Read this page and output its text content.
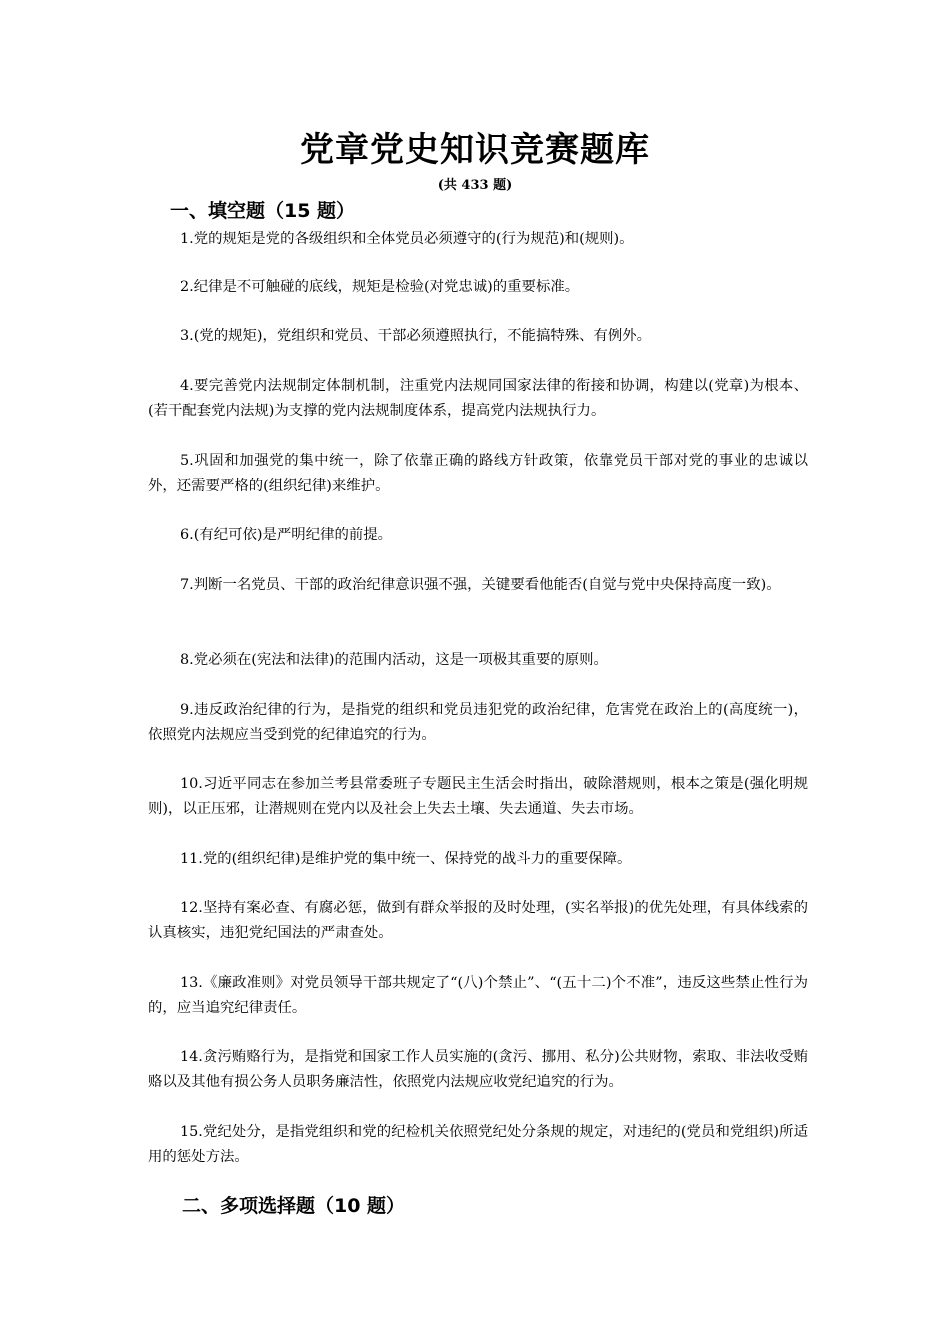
党章党史知识竞赛题库
(共 433 题)
一、填空题（15 题）

1.党的规矩是党的各级组织和全体党员必须遵守的(行为规范)和(规则)。

2.纪律是不可触碰的底线，规矩是检验(对党忠诚)的重要标准。

3.(党的规矩)，党组织和党员、干部必须遵照执行，不能搞特殊、有例外。

4.要完善党内法规制定体制机制，注重党内法规同国家法律的衔接和协调，构建以(党章)为根本、(若干配套党内法规)为支撑的党内法规制度体系，提高党内法规执行力。

5.巩固和加强党的集中统一，除了依靠正确的路线方针政策，依靠党员干部对党的事业的忠诚以外，还需要严格的(组织纪律)来维护。

6.(有纪可依)是严明纪律的前提。

7.判断一名党员、干部的政治纪律意识强不强，关键要看他能否(自觉与党中央保持高度一致)。

8.党必须在(宪法和法律)的范围内活动，这是一项极其重要的原则。

9.违反政治纪律的行为，是指党的组织和党员违犯党的政治纪律，危害党在政治上的(高度统一)，依照党内法规应当受到党的纪律追究的行为。

10.习近平同志在参加兰考县常委班子专题民主生活会时指出，破除潜规则，根本之策是(强化明规则)，以正压邪，让潜规则在党内以及社会上失去土壤、失去通道、失去市场。

11.党的(组织纪律)是维护党的集中统一、保持党的战斗力的重要保障。

12.坚持有案必查、有腐必惩，做到有群众举报的及时处理，(实名举报)的优先处理，有具体线索的认真核实，违犯党纪国法的严肃查处。

13.《廉政准则》对党员领导干部共规定了“(八)个禁止”、“(五十二)个不准”，违反这些禁止性行为的，应当追究纪律责任。

14.贪污贿赂行为，是指党和国家工作人员实施的(贪污、挪用、私分)公共财物，索取、非法收受贿赂以及其他有损公务人员职务廉洁性，依照党内法规应收党纪追究的行为。

15.党纪处分，是指党组织和党的纪检机关依照党纪处分条规的规定，对违纪的(党员和党组织)所适用的惩处方法。

二、多项选择题（10 题）
